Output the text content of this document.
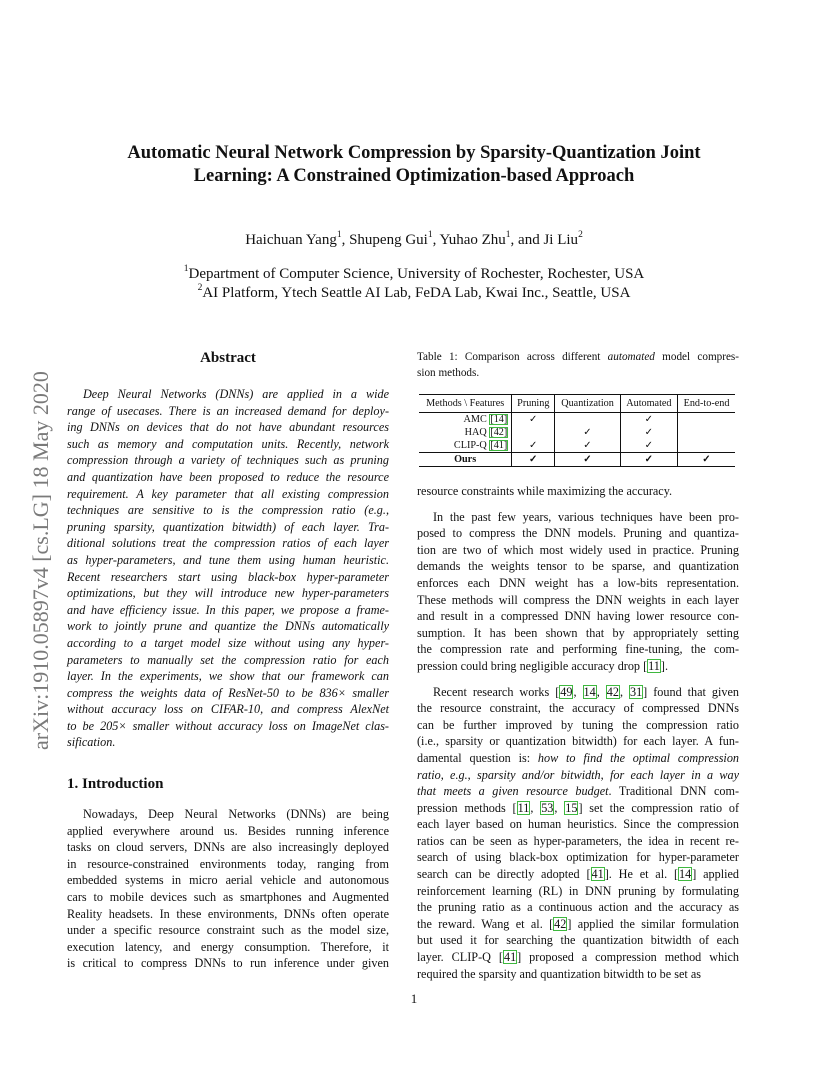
arXiv:1910.05897v4 [cs.LG] 18 May 2020
Automatic Neural Network Compression by Sparsity-Quantization Joint
Learning: A Constrained Optimization-based Approach
Haichuan Yang$^1$, Shupeng Gui$^1$, Yuhao Zhu$^1$, and Ji Liu$^2$
$^1$Department of Computer Science, University of Rochester, Rochester, USA
$^2$AI Platform, Ytech Seattle AI Lab, FeDA Lab, Kwai Inc., Seattle, USA
Abstract
Deep Neural Networks (DNNs) are applied in a wide
range of usecases. There is an increased demand for deploy-
ing DNNs on devices that do not have abundant resources
such as memory and computation units. Recently, network
compression through a variety of techniques such as pruning
and quantization have been proposed to reduce the resource
requirement. A key parameter that all existing compression
techniques are sensitive to is the compression ratio (e.g.,
pruning sparsity, quantization bitwidth) of each layer. Tra-
ditional solutions treat the compression ratios of each layer
as hyper-parameters, and tune them using human heuristic.
Recent researchers start using black-box hyper-parameter
optimizations, but they will introduce new hyper-parameters
and have efficiency issue. In this paper, we propose a frame-
work to jointly prune and quantize the DNNs automatically
according to a target model size without using any hyper-
parameters to manually set the compression ratio for each
layer. In the experiments, we show that our framework can
compress the weights data of ResNet-50 to be 836× smaller
without accuracy loss on CIFAR-10, and compress AlexNet
to be 205× smaller without accuracy loss on ImageNet clas-
sification.
1. Introduction
Nowadays, Deep Neural Networks (DNNs) are being
applied everywhere around us. Besides running inference
tasks on cloud servers, DNNs are also increasingly deployed
in resource-constrained environments today, ranging from
embedded systems in micro aerial vehicle and autonomous
cars to mobile devices such as smartphones and Augmented
Reality headsets. In these environments, DNNs often operate
under a specific resource constraint such as the model size,
execution latency, and energy consumption. Therefore, it
is critical to compress DNNs to run inference under given
Table 1: Comparison across different automated model compres-
sion methods.
Methods \ Features	Pruning	Quantization	Automated	End-to-end
AMC [14]	✓		✓	
HAQ [42]		✓	✓	
CLIP-Q [41]	✓	✓	✓	
Ours	✓	✓	✓	✓
resource constraints while maximizing the accuracy.
In the past few years, various techniques have been pro-
posed to compress the DNN models. Pruning and quantiza-
tion are two of which most widely used in practice. Pruning
demands the weights tensor to be sparse, and quantization
enforces each DNN weight has a low-bits representation.
These methods will compress the DNN weights in each layer
and result in a compressed DNN having lower resource con-
sumption. It has been shown that by appropriately setting
the compression rate and performing fine-tuning, the com-
pression could bring negligible accuracy drop [11].
Recent research works [49, 14, 42, 31] found that given
the resource constraint, the accuracy of compressed DNNs
can be further improved by tuning the compression ratio
(i.e., sparsity or quantization bitwidth) for each layer. A fun-
damental question is: how to find the optimal compression
ratio, e.g., sparsity and/or bitwidth, for each layer in a way
that meets a given resource budget. Traditional DNN com-
pression methods [11, 53, 15] set the compression ratio of
each layer based on human heuristics. Since the compression
ratios can be seen as hyper-parameters, the idea in recent re-
search of using black-box optimization for hyper-parameter
search can be directly adopted [41]. He et al. [14] applied
reinforcement learning (RL) in DNN pruning by formulating
the pruning ratio as a continuous action and the accuracy as
the reward. Wang et al. [42] applied the similar formulation
but used it for searching the quantization bitwidth of each
layer. CLIP-Q [41] proposed a compression method which
required the sparsity and quantization bitwidth to be set as
1
